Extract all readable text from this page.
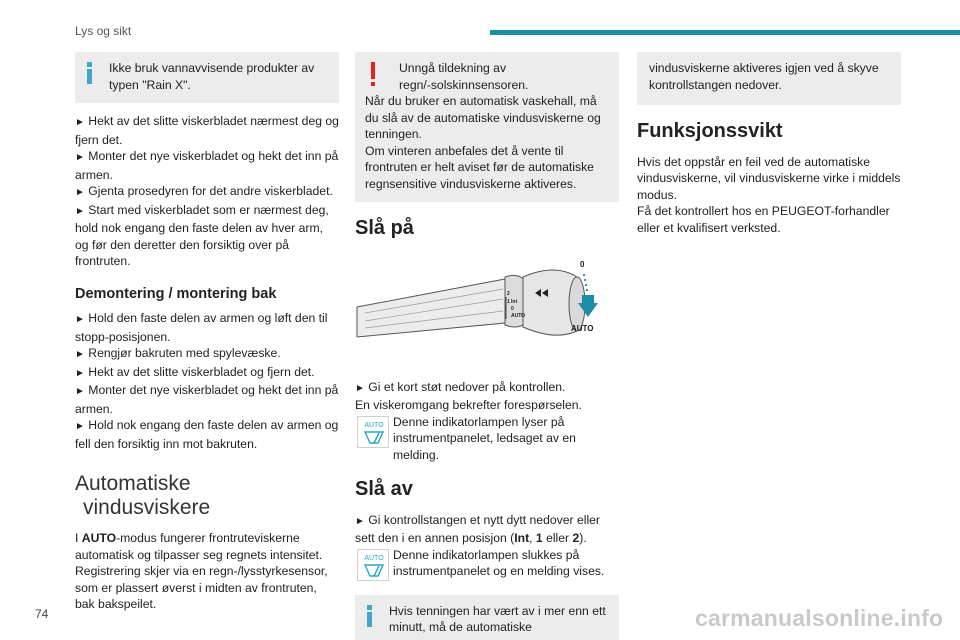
Lys og sikt

Ikke bruk vannavvisende produkter av typen "Rain X".

► Hekt av det slitte viskerbladet nærmest deg og fjern det.

► Monter det nye viskerbladet og hekt det inn på armen.

► Gjenta prosedyren for det andre viskerbladet.

► Start med viskerbladet som er nærmest deg, hold nok engang den faste delen av hver arm, og før den deretter den forsiktig over på frontruten.

Demontering / montering bak

► Hold den faste delen av armen og løft den til stopp-posisjonen.

► Rengjør bakruten med spylevæske.

► Hekt av det slitte viskerbladet og fjern det.

► Monter det nye viskerbladet og hekt det inn på armen.

► Hold nok engang den faste delen av armen og fell den forsiktig inn mot bakruten.

Automatiske
vindusviskere

I AUTO-modus fungerer frontruteviskerne automatisk og tilpasser seg regnets intensitet.

Registrering skjer via en regn-/lysstyrkesensor, som er plassert øverst i midten av frontruten, bak bakspeilet.

Unngå tildekning av
regn/-solskinnsensoren.

Når du bruker en automatisk vaskehall, må du slå av de automatiske vindusviskerne og tenningen.

Om vinteren anbefales det å vente til frontruten er helt aviset før de automatiske regnsensitive vindusviskerne aktiveres.

Slå på
2
1 Int
0
AUTO
0
AUTO

► Gi et kort støt nedover på kontrollen.

En viskeromgang bekrefter forespørselen.

AUTO Denne indikatorlampen lyser på instrumentpanelet, ledsaget av en melding.
Slå av

► Gi kontrollstangen et nytt dytt nedover eller sett den i en annen posisjon (Int, 1 eller 2).

AUTO Denne indikatorlampen slukkes på instrumentpanelet og en melding vises.

Hvis tenningen har vært av i mer enn ett minutt, må de automatiske

vindusviskerne aktiveres igjen ved å skyve kontrollstangen nedover.

Funksjonssvikt

Hvis det oppstår en feil ved de automatiske vindusviskerne, vil vindusviskerne virke i middels modus.

Få det kontrollert hos en PEUGEOT-forhandler eller et kvalifisert verksted.

74	carmanualsonline.info
